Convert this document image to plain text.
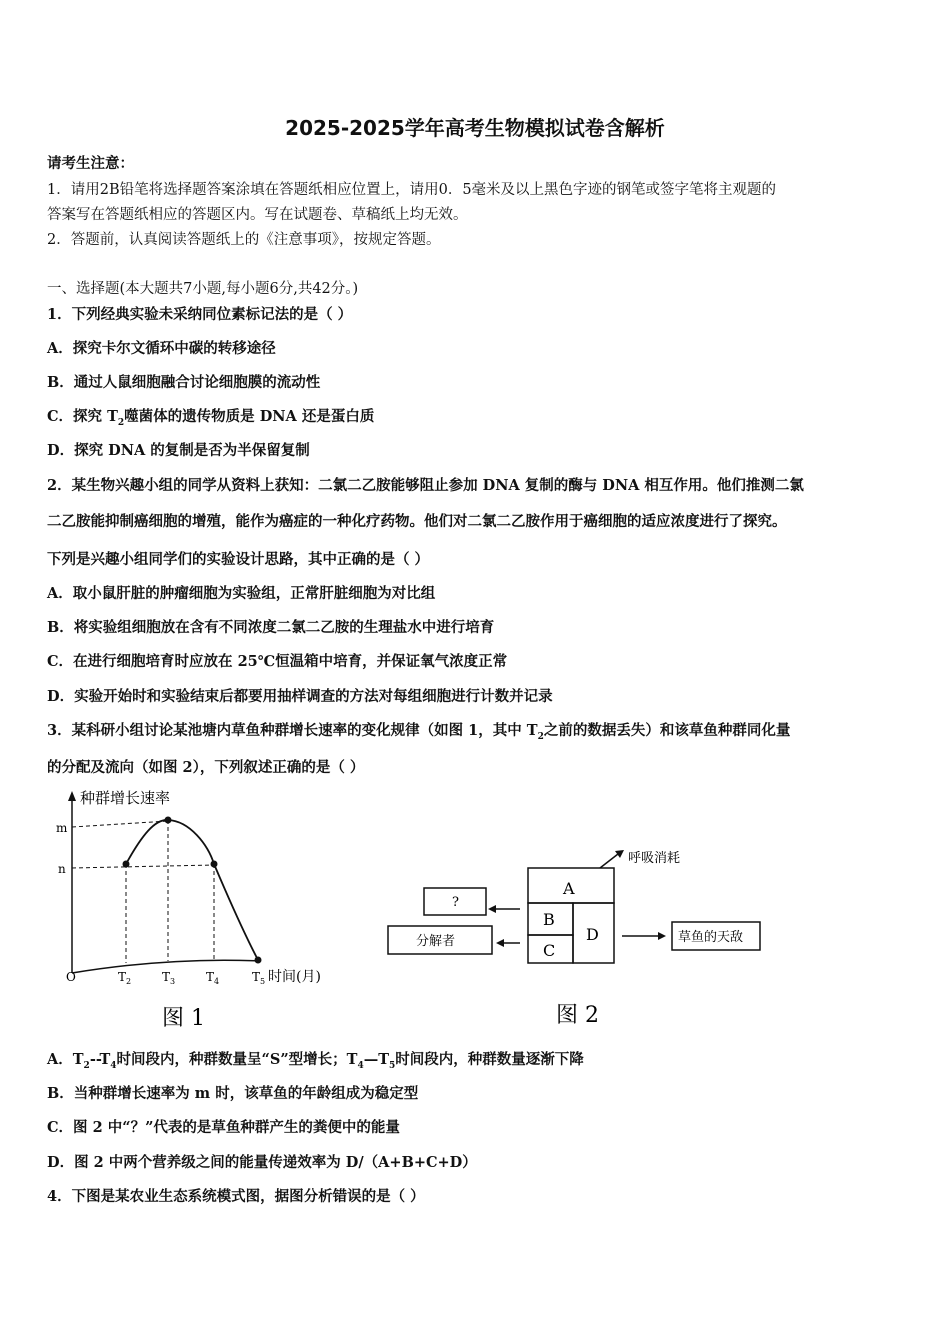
2025-2025学年高考生物模拟试卷含解析
请考生注意：
1．请用2B铅笔将选择题答案涂填在答题纸相应位置上，请用0．5毫米及以上黑色字迹的钢笔或签字笔将主观题的
答案写在答题纸相应的答题区内。写在试题卷、草稿纸上均无效。
2．答题前，认真阅读答题纸上的《注意事项》，按规定答题。
一、选择题(本大题共7小题,每小题6分,共42分。)
1．下列经典实验未采纳同位素标记法的是（ ）
A．探究卡尔文循环中碳的转移途径
B．通过人鼠细胞融合讨论细胞膜的流动性
C．探究 $T_2$噬菌体的遗传物质是 DNA 还是蛋白质
D．探究 DNA 的复制是否为半保留复制
2．某生物兴趣小组的同学从资料上获知：二氯二乙胺能够阻止参加 DNA 复制的酶与 DNA 相互作用。他们推测二氯
二乙胺能抑制癌细胞的增殖，能作为癌症的一种化疗药物。他们对二氯二乙胺作用于癌细胞的适应浓度进行了探究。
下列是兴趣小组同学们的实验设计思路，其中正确的是（ ）
A．取小鼠肝脏的肿瘤细胞为实验组，正常肝脏细胞为对比组
B．将实验组细胞放在含有不同浓度二氯二乙胺的生理盐水中进行培育
C．在进行细胞培育时应放在 25℃恒温箱中培育，并保证氧气浓度正常
D．实验开始时和实验结束后都要用抽样调查的方法对每组细胞进行计数并记录
3．某科研小组讨论某池塘内草鱼种群增长速率的变化规律（如图 1，其中 $T_2$之前的数据丢失）和该草鱼种群同化量
的分配及流向（如图 2），下列叙述正确的是（ ）
种群增长速率
m
n
O	$T_2$	$T_3$	$T_4$	$T_5$ 时间(月)
图 1
A
B
C
D
?
分解者	草鱼的天敌
呼吸消耗
图 2
A．$T_2--T_4$时间段内，种群数量呈“S”型增长；$T_4—T_5$时间段内，种群数量逐渐下降
B．当种群增长速率为 m 时，该草鱼的年龄组成为稳定型
C．图 2 中“？”代表的是草鱼种群产生的粪便中的能量
D．图 2 中两个营养级之间的能量传递效率为 D/（A+B+C+D）
4．下图是某农业生态系统模式图，据图分析错误的是（ ）
